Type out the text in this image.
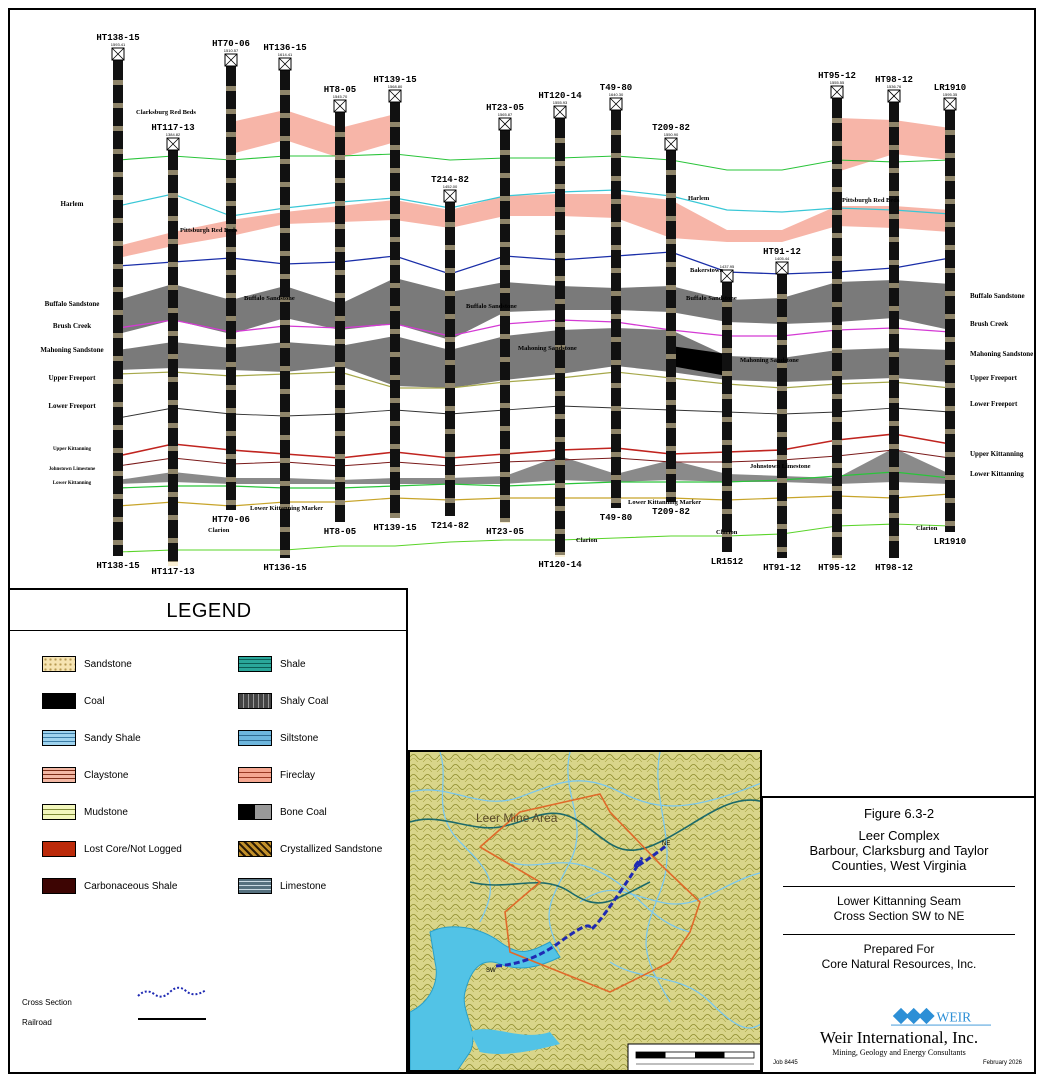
HT138-15
1593.41
HT138-15
HT117-13
1384.82
HT117-13
HT70-06
1510.57
HT70-06
HT136-15
1614.41
HT136-15
HT8-05
1545.70
HT8-05
HT139-15
1568.80
HT139-15
T214-82
1452.00
T214-82
HT23-05
1565.87
HT23-05
HT120-14
1555.93
HT120-14
T49-80
1640.30
T49-80
T209-82
1550.90
T209-82
1437.95
LR1512
HT91-12
1405.44
HT91-12
HT95-12
1555.55
HT95-12
HT98-12
1536.76
HT98-12
LR1910
1595.35
LR1910
Harlem
Buffalo Sandstone
Brush Creek
Mahoning Sandstone
Upper Freeport
Lower Freeport
Upper Kittanning
Johnstown Limestone
Lower Kittanning
Buffalo Sandstone
Brush Creek
Mahoning Sandstone
Upper Freeport
Lower Freeport
Upper Kittanning
Lower Kittanning
Clarksburg Red Beds
Pittsburgh Red Beds
Pittsburgh Red Beds
Buffalo Sandstone
Buffalo Sandstone
Buffalo Sandstone
Mahoning Sandstone
Mahoning Sandstone
Harlem
Bakerstown
Johnstown Limestone
Lower Kittanning Marker
Lower Kittanning Marker
Clarion
Clarion
Clarion
Clarion
LEGEND
Sandstone	Shale
Coal	Shaly Coal
Sandy Shale	Siltstone
Claystone	Fireclay
Mudstone	Bone Coal
Lost Core/Not Logged	Crystallized Sandstone
Carbonaceous Shale	Limestone
Cross Section
Railroad
Leer Mine Area
SW
NE
Figure 6.3-2
Leer Complex
Barbour, Clarksburg and Taylor
Counties, West Virginia
Lower Kittanning Seam
Cross Section SW to NE
Prepared For
Core Natural Resources, Inc.
WEIR
Weir International, Inc.
Mining, Geology and Energy Consultants
Job 8445	February 2026
